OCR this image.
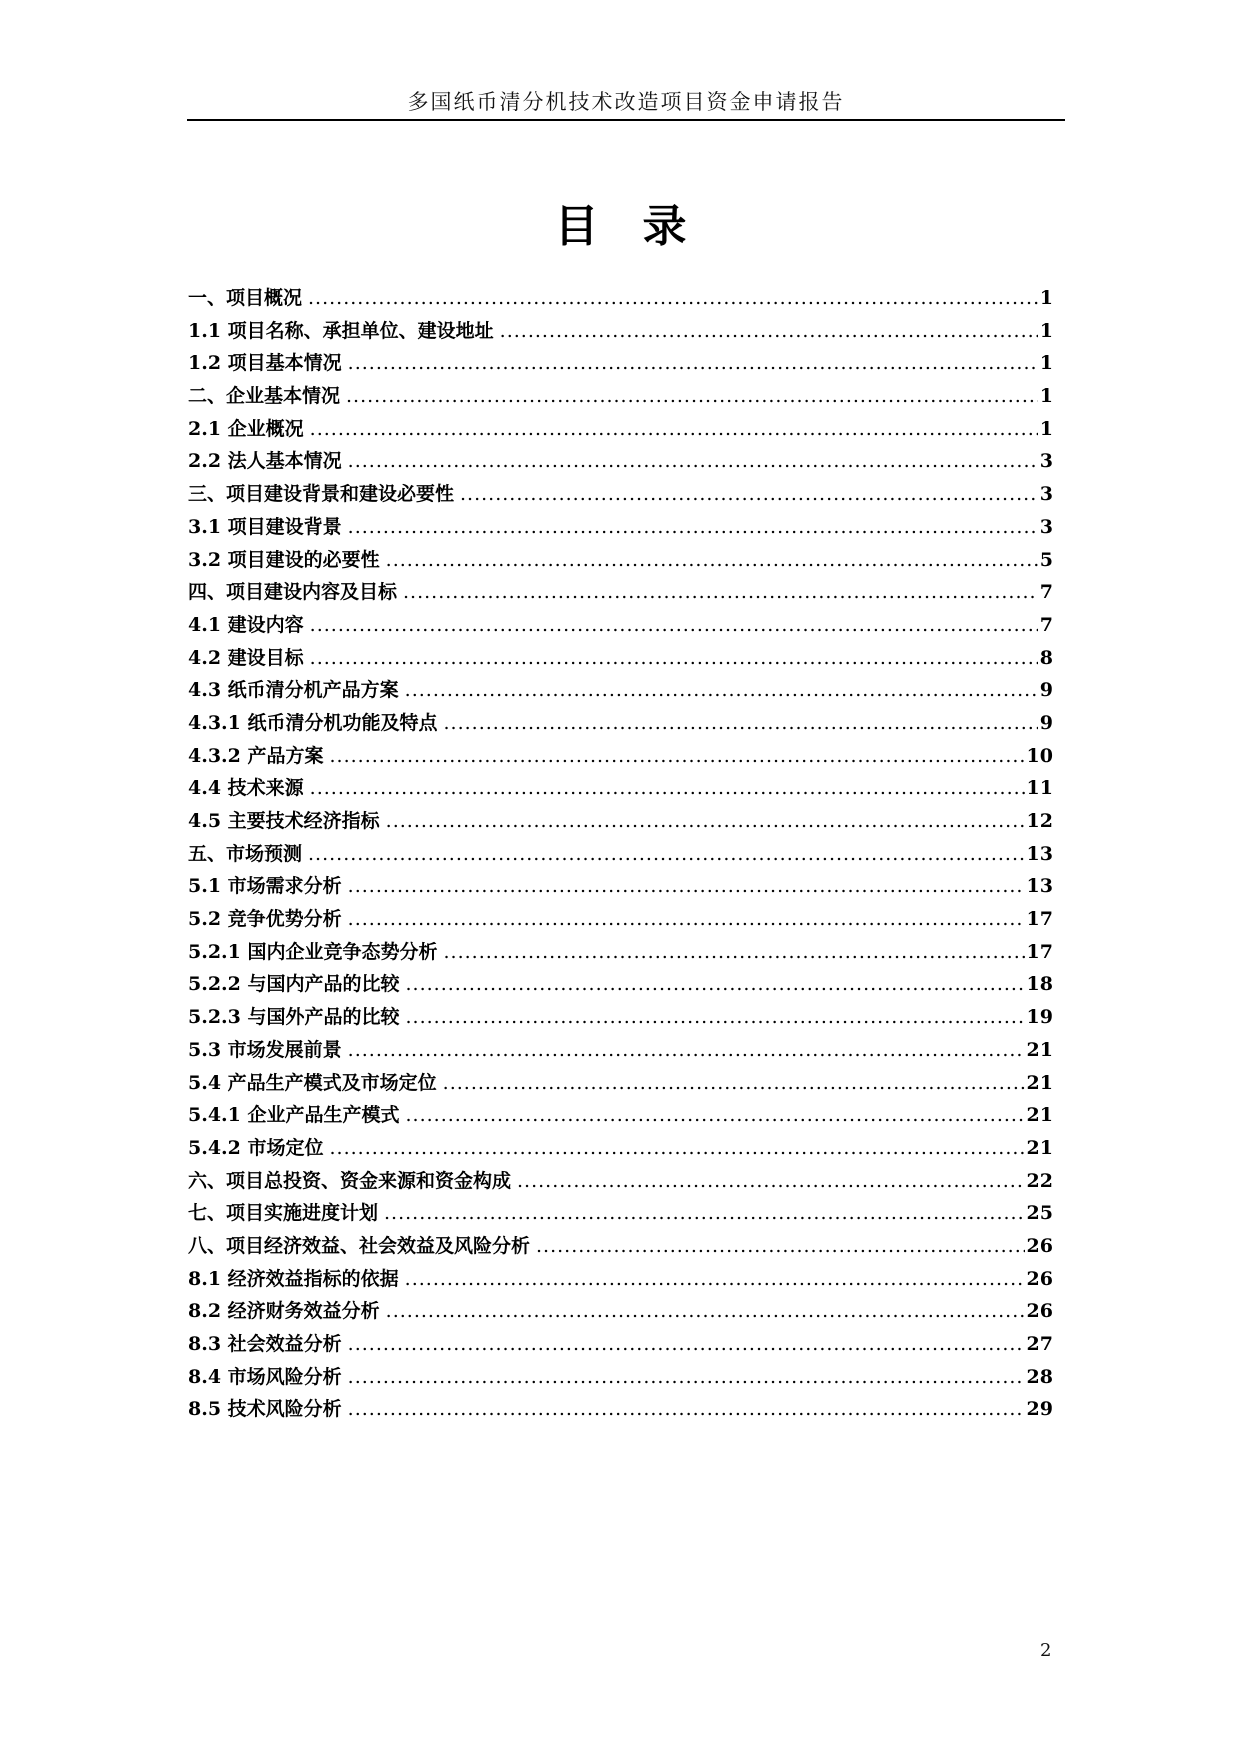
多国纸币清分机技术改造项目资金申请报告
目录
一、项目概况 .....	1
1.1 项目名称、承担单位、建设地址 .....	1
1.2 项目基本情况 .....	1
二、企业基本情况 .....	1
2.1 企业概况 .....	1
2.2 法人基本情况 .....	3
三、项目建设背景和建设必要性 .....	3
3.1 项目建设背景 .....	3
3.2 项目建设的必要性 .....	5
四、项目建设内容及目标 .....	7
4.1 建设内容 .....	7
4.2 建设目标 .....	8
4.3 纸币清分机产品方案 .....	9
4.3.1 纸币清分机功能及特点 .....	9
4.3.2 产品方案 .....	10
4.4 技术来源 .....	11
4.5 主要技术经济指标 .....	12
五、市场预测 .....	13
5.1 市场需求分析 .....	13
5.2 竞争优势分析 .....	17
5.2.1 国内企业竞争态势分析 .....	17
5.2.2 与国内产品的比较 .....	18
5.2.3 与国外产品的比较 .....	19
5.3 市场发展前景 .....	21
5.4 产品生产模式及市场定位 .....	21
5.4.1 企业产品生产模式 .....	21
5.4.2 市场定位 .....	21
六、项目总投资、资金来源和资金构成 .....	22
七、项目实施进度计划 .....	25
八、项目经济效益、社会效益及风险分析 .....	26
8.1 经济效益指标的依据 .....	26
8.2 经济财务效益分析 .....	26
8.3 社会效益分析 .....	27
8.4 市场风险分析 .....	28
8.5 技术风险分析 .....	29
2
